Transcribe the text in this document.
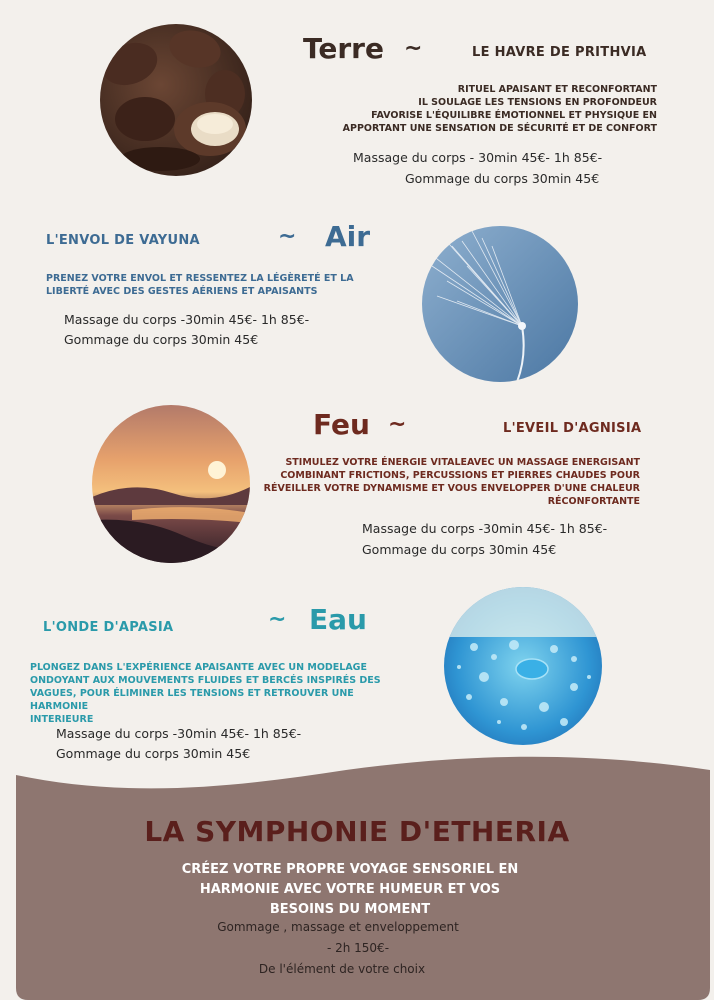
Terre ~	LE HAVRE DE PRITHVIA
RITUEL APAISANT ET RECONFORTANT
IL SOULAGE LES TENSIONS EN PROFONDEUR
FAVORISE L'ÉQUILIBRE ÉMOTIONNEL ET PHYSIQUE EN
APPORTANT UNE SENSATION DE SÉCURITÉ ET DE CONFORT
Massage du corps - 30min 45€- 1h 85€-
Gommage du corps 30min 45€
L'ENVOL DE VAYUNA	~ Air
PRENEZ VOTRE ENVOL ET RESSENTEZ LA LÉGÈRETÉ ET LA
LIBERTÉ AVEC DES GESTES AÉRIENS ET APAISANTS
Massage du corps -30min 45€- 1h 85€-
Gommage du corps 30min 45€
Feu ~	L'EVEIL D'AGNISIA
STIMULEZ VOTRE ÉNERGIE VITALEAVEC UN MASSAGE ENERGISANT
COMBINANT FRICTIONS, PERCUSSIONS ET PIERRES CHAUDES POUR
RÉVEILLER VOTRE DYNAMISME ET VOUS ENVELOPPER D'UNE CHALEUR
RÉCONFORTANTE
Massage du corps -30min 45€- 1h 85€-
Gommage du corps 30min 45€
L'ONDE D'APASIA	~ Eau
PLONGEZ DANS L'EXPÉRIENCE APAISANTE AVEC UN MODELAGE
ONDOYANT AUX MOUVEMENTS FLUIDES ET BERCÉS INSPIRÉS DES
VAGUES, POUR ÉLIMINER LES TENSIONS ET RETROUVER UNE HARMONIE
INTERIEURE
Massage du corps -30min 45€- 1h 85€-
Gommage du corps 30min 45€
LA SYMPHONIE D'ETHERIA
CRÉEZ VOTRE PROPRE VOYAGE SENSORIEL EN
HARMONIE AVEC VOTRE HUMEUR ET VOS
BESOINS DU MOMENT
Gommage , massage et enveloppement
- 2h 150€-
De l'élément de votre choix
